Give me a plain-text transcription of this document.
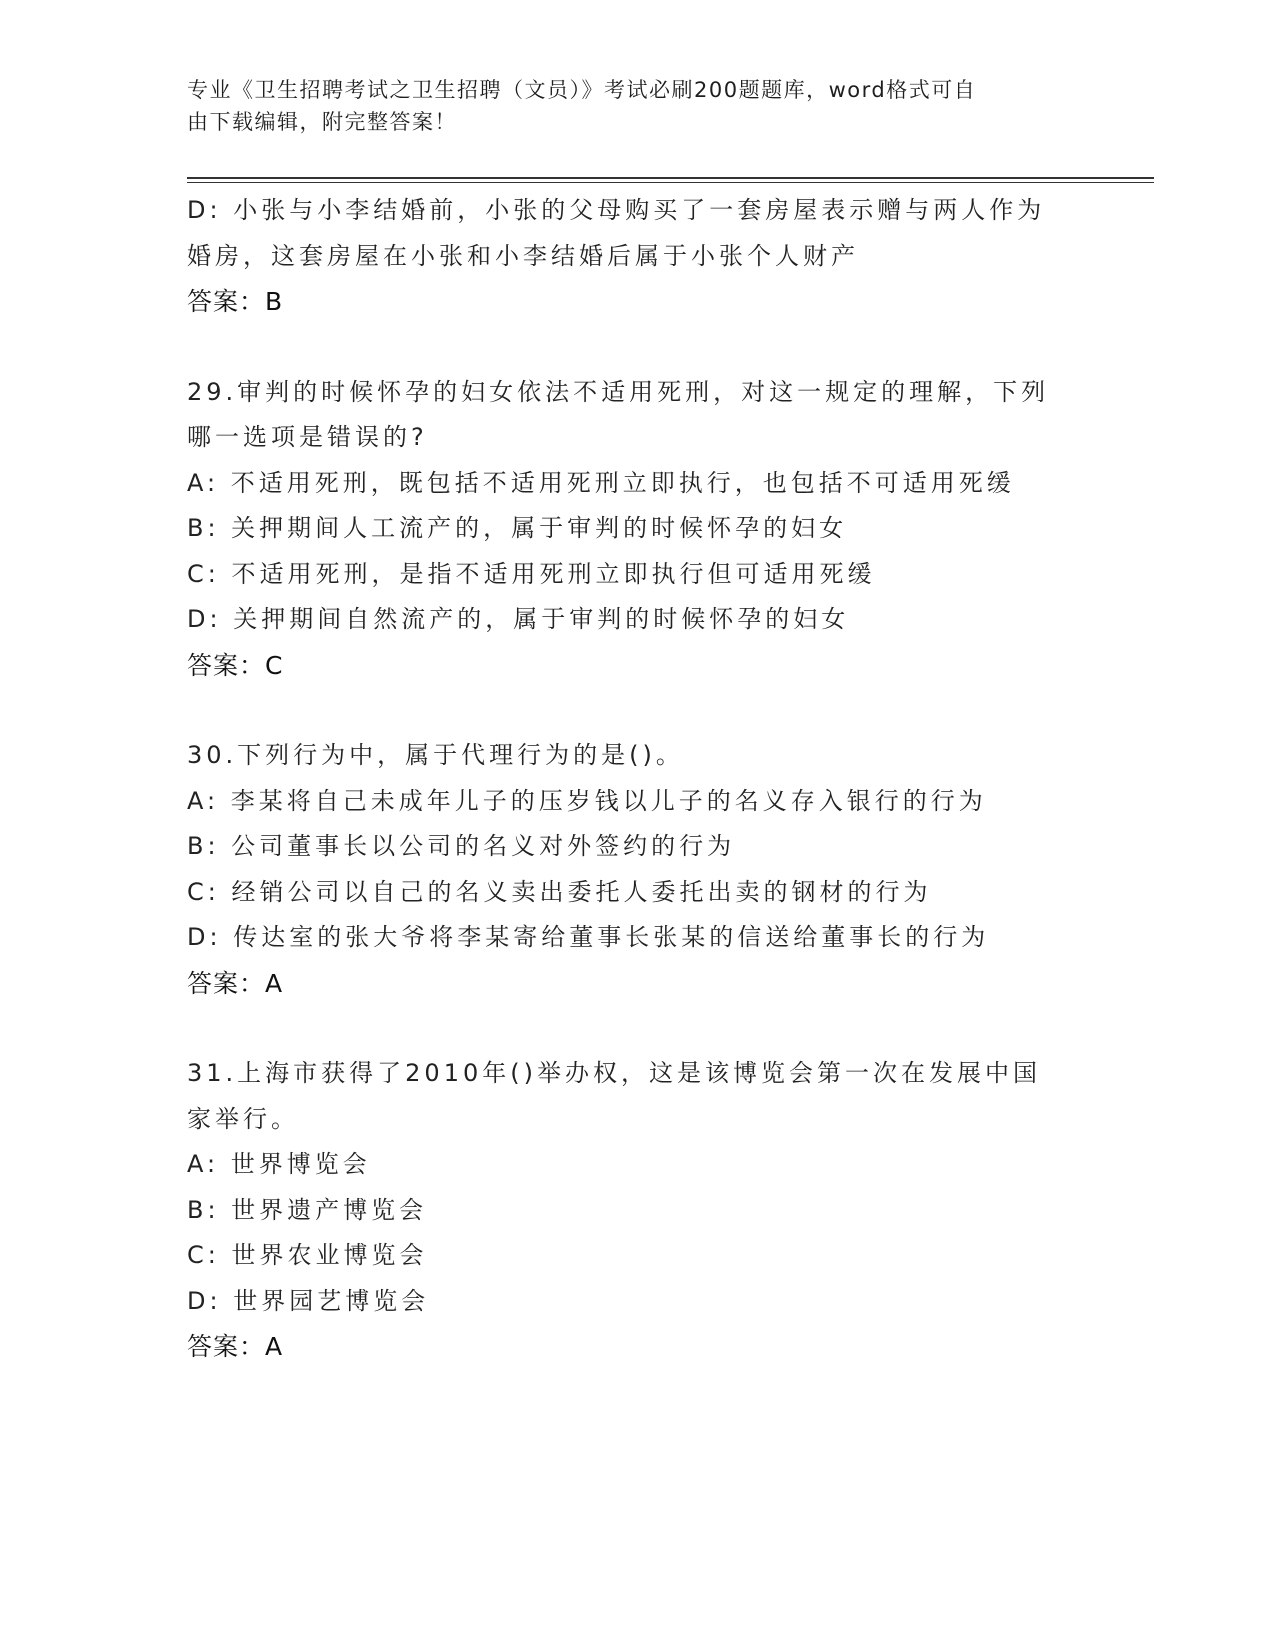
专业《卫生招聘考试之卫生招聘（文员）》考试必刷200题题库，word格式可自
由下载编辑，附完整答案！
D: 小张与小李结婚前，小张的父母购买了一套房屋表示赠与两人作为
婚房，这套房屋在小张和小李结婚后属于小张个人财产
答案：B
29.审判的时候怀孕的妇女依法不适用死刑，对这一规定的理解，下列
哪一选项是错误的?
A: 不适用死刑，既包括不适用死刑立即执行，也包括不可适用死缓
B: 关押期间人工流产的，属于审判的时候怀孕的妇女
C: 不适用死刑，是指不适用死刑立即执行但可适用死缓
D: 关押期间自然流产的，属于审判的时候怀孕的妇女
答案：C
30.下列行为中，属于代理行为的是()。
A: 李某将自己未成年儿子的压岁钱以儿子的名义存入银行的行为
B: 公司董事长以公司的名义对外签约的行为
C: 经销公司以自己的名义卖出委托人委托出卖的钢材的行为
D: 传达室的张大爷将李某寄给董事长张某的信送给董事长的行为
答案：A
31.上海市获得了2010年()举办权，这是该博览会第一次在发展中国
家举行。
A: 世界博览会
B: 世界遗产博览会
C: 世界农业博览会
D: 世界园艺博览会
答案：A
